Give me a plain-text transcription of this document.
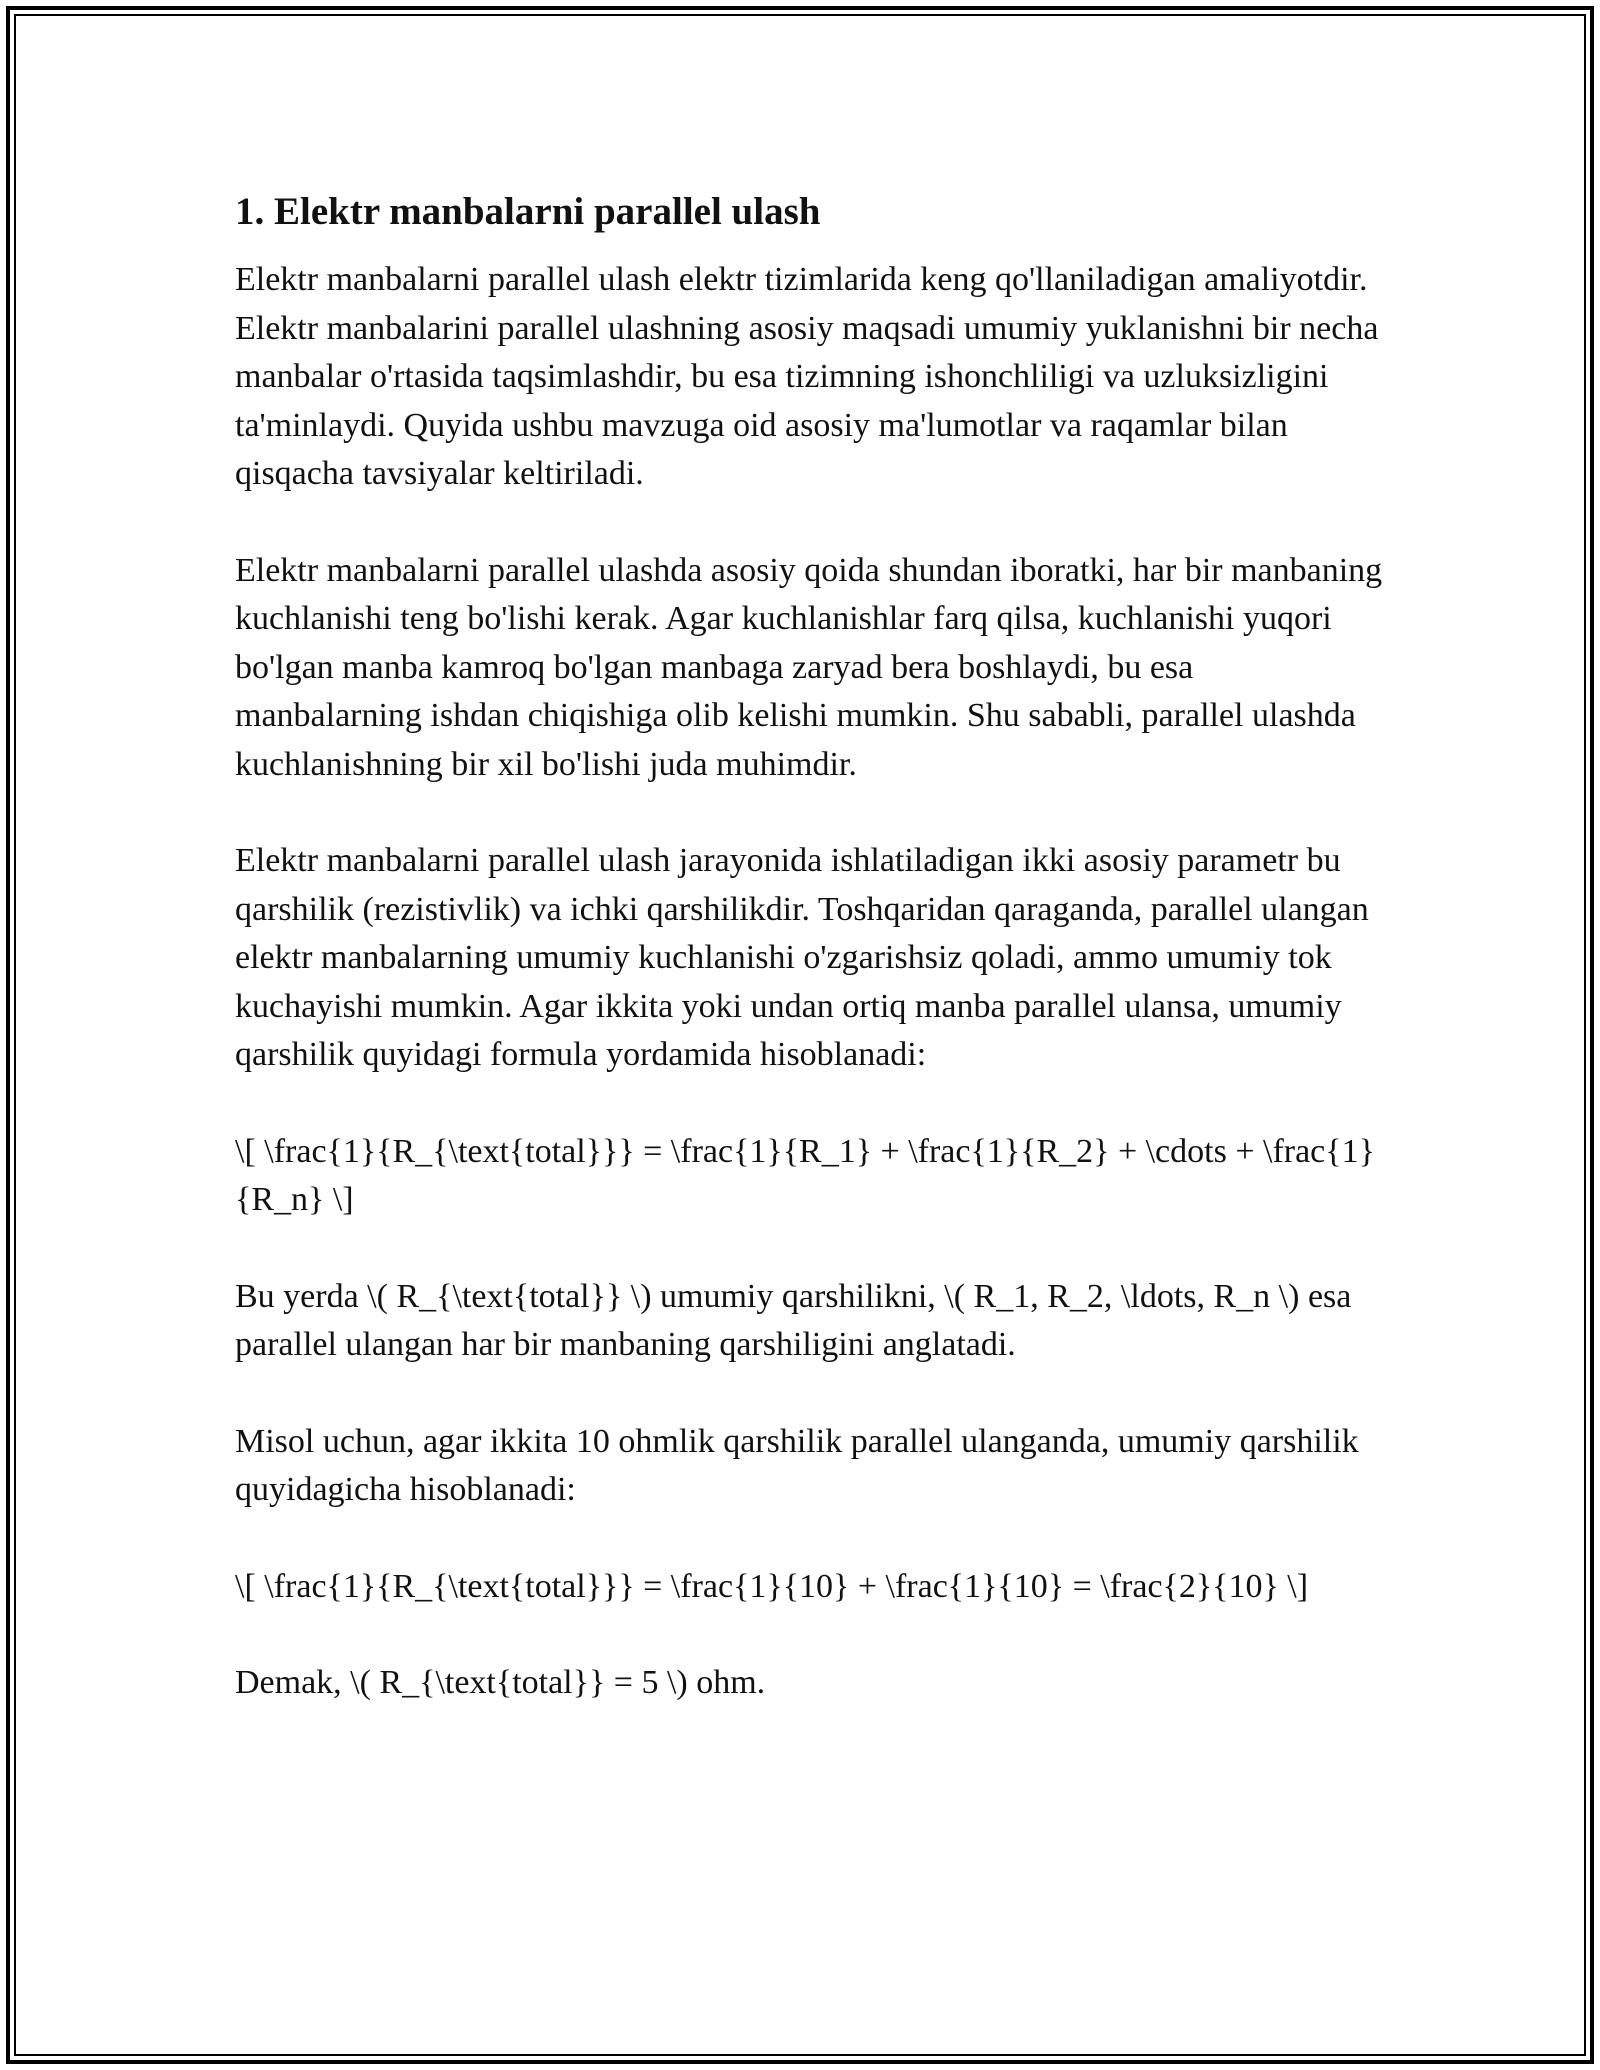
1. Elektr manbalarni parallel ulash

Elektr manbalarni parallel ulash elektr tizimlarida keng qo'llaniladigan amaliyotdir. Elektr manbalarini parallel ulashning asosiy maqsadi umumiy yuklanishni bir necha manbalar o'rtasida taqsimlashdir, bu esa tizimning ishonchliligi va uzluksizligini ta'minlaydi. Quyida ushbu mavzuga oid asosiy ma'lumotlar va raqamlar bilan qisqacha tavsiyalar keltiriladi.

Elektr manbalarni parallel ulashda asosiy qoida shundan iboratki, har bir manbaning kuchlanishi teng bo'lishi kerak. Agar kuchlanishlar farq qilsa, kuchlanishi yuqori bo'lgan manba kamroq bo'lgan manbaga zaryad bera boshlaydi, bu esa manbalarning ishdan chiqishiga olib kelishi mumkin. Shu sababli, parallel ulashda kuchlanishning bir xil bo'lishi juda muhimdir.

Elektr manbalarni parallel ulash jarayonida ishlatiladigan ikki asosiy parametr bu qarshilik (rezistivlik) va ichki qarshilikdir. Toshqaridan qaraganda, parallel ulangan elektr manbalarning umumiy kuchlanishi o'zgarishsiz qoladi, ammo umumiy tok kuchayishi mumkin. Agar ikkita yoki undan ortiq manba parallel ulansa, umumiy qarshilik quyidagi formula yordamida hisoblanadi:

\[ \frac{1}{R_{\text{total}}} = \frac{1}{R_1} + \frac{1}{R_2} + \cdots + \frac{1}{R_n} \]

Bu yerda \( R_{\text{total}} \) umumiy qarshilikni, \( R_1, R_2, \ldots, R_n \) esa parallel ulangan har bir manbaning qarshiligini anglatadi.

Misol uchun, agar ikkita 10 ohmlik qarshilik parallel ulanganda, umumiy qarshilik quyidagicha hisoblanadi:

\[ \frac{1}{R_{\text{total}}} = \frac{1}{10} + \frac{1}{10} = \frac{2}{10} \]

Demak, \( R_{\text{total}} = 5 \) ohm.
